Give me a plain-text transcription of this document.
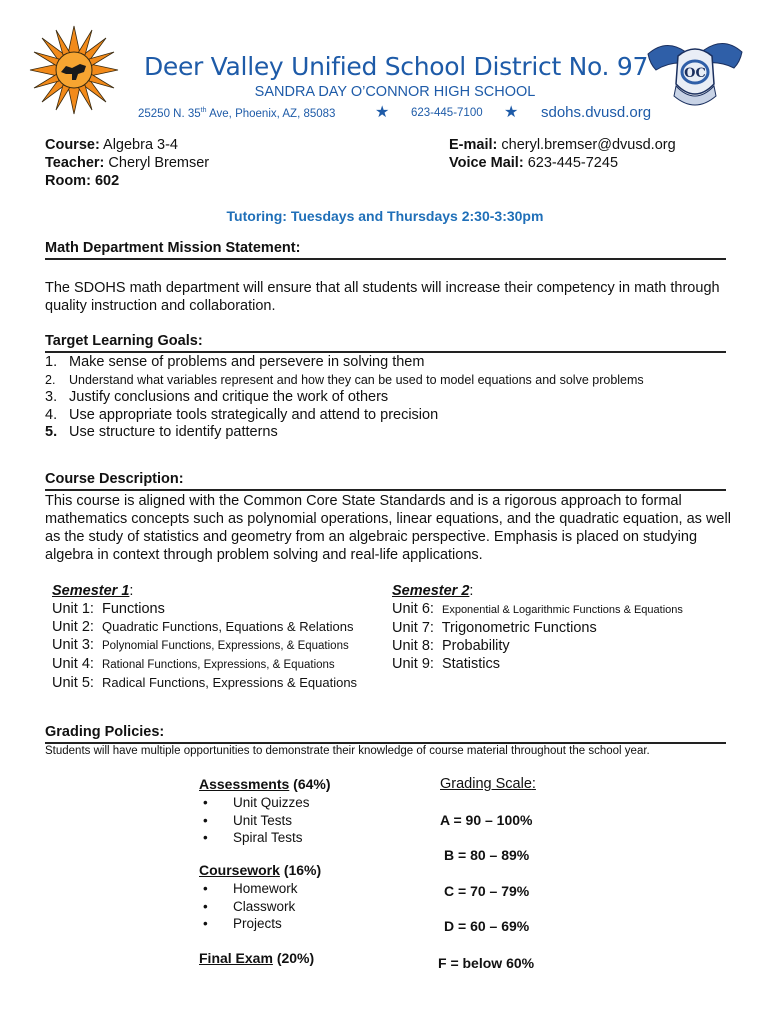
OC
Deer Valley Unified School District No. 97
SANDRA DAY O’CONNOR HIGH SCHOOL
25250 N. 35th Ave, Phoenix, AZ, 85083 ★ 623-445-7100 ★ sdohs.dvusd.org
Course: Algebra 3-4
Teacher: Cheryl Bremser
Room: 602
E-mail: cheryl.bremser@dvusd.org
Voice Mail: 623-445-7245
Tutoring: Tuesdays and Thursdays 2:30-3:30pm
Math Department Mission Statement:
The SDOHS math department will ensure that all students will increase their competency in math through quality instruction and collaboration.
Target Learning Goals:
1. Make sense of problems and persevere in solving them
2. Understand what variables represent and how they can be used to model equations and solve problems
3. Justify conclusions and critique the work of others
4. Use appropriate tools strategically and attend to precision
5. Use structure to identify patterns
Course Description:
This course is aligned with the Common Core State Standards and is a rigorous approach to formal mathematics concepts such as polynomial operations, linear equations, and the quadratic equation, as well as the study of statistics and geometry from an algebraic perspective. Emphasis is placed on studying algebra in context through problem solving and real-life applications.
Semester 1:
Unit 1: Functions
Unit 2: Quadratic Functions, Equations & Relations
Unit 3: Polynomial Functions, Expressions, & Equations
Unit 4: Rational Functions, Expressions, & Equations
Unit 5: Radical Functions, Expressions & Equations
Semester 2:
Unit 6: Exponential & Logarithmic Functions & Equations
Unit 7: Trigonometric Functions
Unit 8: Probability
Unit 9: Statistics
Grading Policies:
Students will have multiple opportunities to demonstrate their knowledge of course material throughout the school year.
Assessments (64%)
• Unit Quizzes
• Unit Tests
• Spiral Tests
Coursework (16%)
• Homework
• Classwork
• Projects
Final Exam (20%)
Grading Scale:
A = 90 – 100%
B = 80 – 89%
C = 70 – 79%
D = 60 – 69%
F = below 60%
